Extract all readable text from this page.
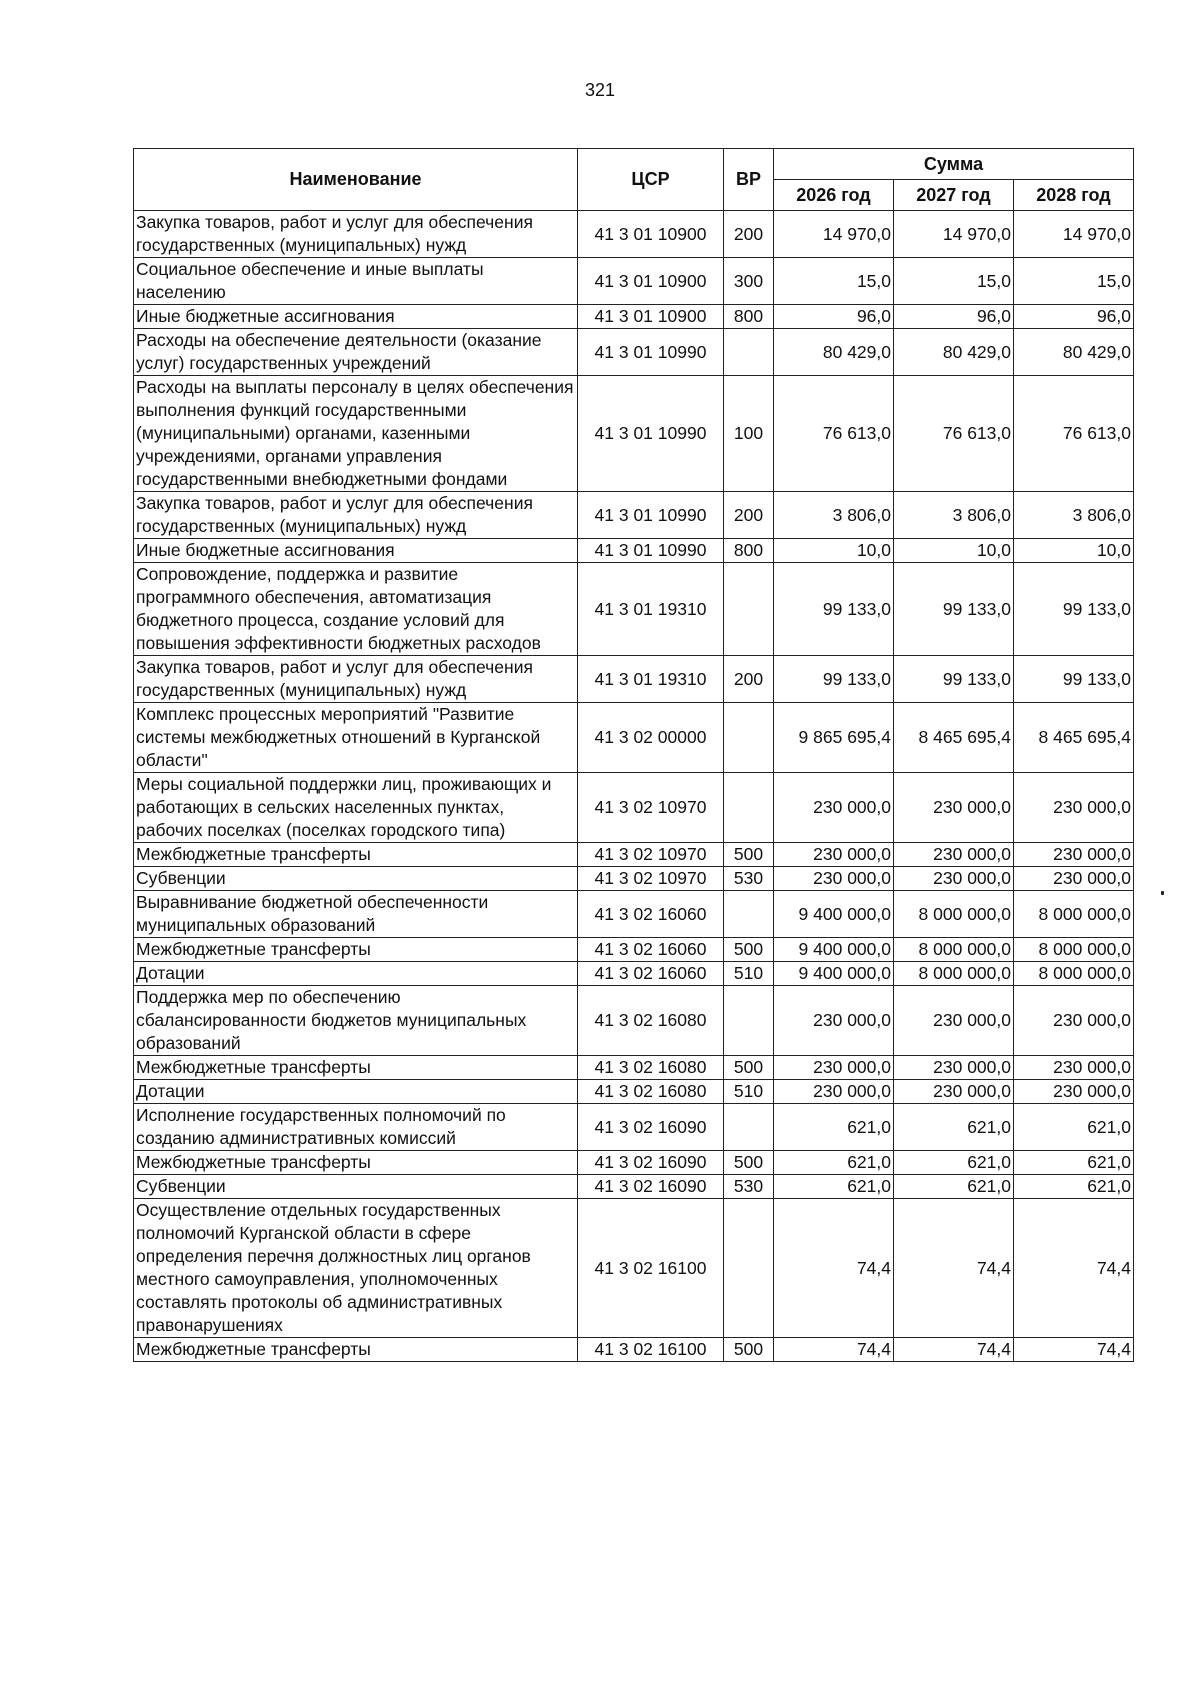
321
Наименование	ЦСР	ВР	Сумма		
			2026 год	2027 год	2028 год
Закупка товаров, работ и услуг для обеспечения государственных (муниципальных) нужд	41 3 01 10900	200	14 970,0	14 970,0	14 970,0
Социальное обеспечение и иные выплаты населению	41 3 01 10900	300	15,0	15,0	15,0
Иные бюджетные ассигнования	41 3 01 10900	800	96,0	96,0	96,0
Расходы на обеспечение деятельности (оказание услуг) государственных учреждений	41 3 01 10990		80 429,0	80 429,0	80 429,0
Расходы на выплаты персоналу в целях обеспечения выполнения функций государственными (муниципальными) органами, казенными учреждениями, органами управления государственными внебюджетными фондами	41 3 01 10990	100	76 613,0	76 613,0	76 613,0
Закупка товаров, работ и услуг для обеспечения государственных (муниципальных) нужд	41 3 01 10990	200	3 806,0	3 806,0	3 806,0
Иные бюджетные ассигнования	41 3 01 10990	800	10,0	10,0	10,0
Сопровождение, поддержка и развитие программного обеспечения, автоматизация бюджетного процесса, создание условий для повышения эффективности бюджетных расходов	41 3 01 19310		99 133,0	99 133,0	99 133,0
Закупка товаров, работ и услуг для обеспечения государственных (муниципальных) нужд	41 3 01 19310	200	99 133,0	99 133,0	99 133,0
Комплекс процессных мероприятий "Развитие системы межбюджетных отношений в Курганской области"	41 3 02 00000		9 865 695,4	8 465 695,4	8 465 695,4
Меры социальной поддержки лиц, проживающих и работающих в сельских населенных пунктах, рабочих поселках (поселках городского типа)	41 3 02 10970		230 000,0	230 000,0	230 000,0
Межбюджетные трансферты	41 3 02 10970	500	230 000,0	230 000,0	230 000,0
Субвенции	41 3 02 10970	530	230 000,0	230 000,0	230 000,0
Выравнивание бюджетной обеспеченности муниципальных образований	41 3 02 16060		9 400 000,0	8 000 000,0	8 000 000,0
Межбюджетные трансферты	41 3 02 16060	500	9 400 000,0	8 000 000,0	8 000 000,0
Дотации	41 3 02 16060	510	9 400 000,0	8 000 000,0	8 000 000,0
Поддержка мер по обеспечению сбалансированности бюджетов муниципальных образований	41 3 02 16080		230 000,0	230 000,0	230 000,0
Межбюджетные трансферты	41 3 02 16080	500	230 000,0	230 000,0	230 000,0
Дотации	41 3 02 16080	510	230 000,0	230 000,0	230 000,0
Исполнение государственных полномочий по созданию административных комиссий	41 3 02 16090		621,0	621,0	621,0
Межбюджетные трансферты	41 3 02 16090	500	621,0	621,0	621,0
Субвенции	41 3 02 16090	530	621,0	621,0	621,0
Осуществление отдельных государственных полномочий Курганской области в сфере определения перечня должностных лиц органов местного самоуправления, уполномоченных составлять протоколы об административных правонарушениях	41 3 02 16100		74,4	74,4	74,4
Межбюджетные трансферты	41 3 02 16100	500	74,4	74,4	74,4
